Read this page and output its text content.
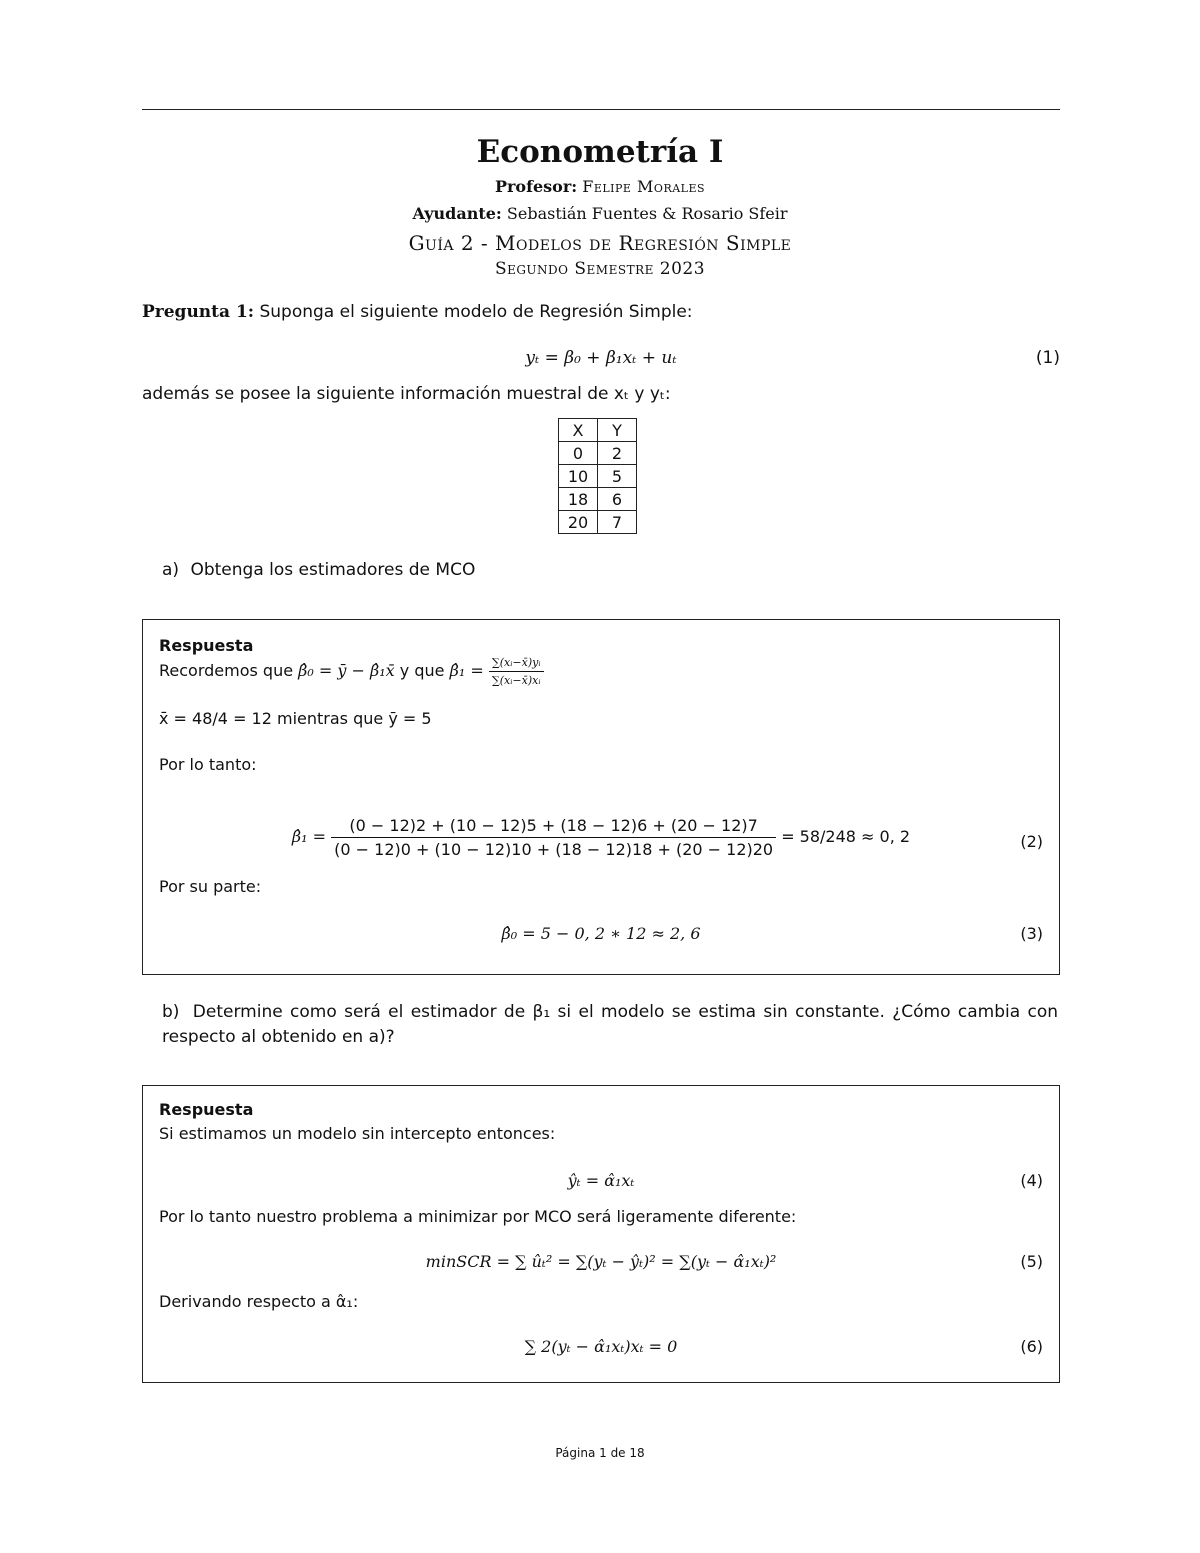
Econometría I
Profesor: Felipe Morales
Ayudante: Sebastián Fuentes & Rosario Sfeir
Guía 2 - Modelos de Regresión Simple
Segundo Semestre 2023
Pregunta 1: Suponga el siguiente modelo de Regresión Simple:
yₜ = β₀ + β₁xₜ + uₜ	(1)
además se posee la siguiente información muestral de xₜ y yₜ:
X	Y
0	2
10	5
18	6
20	7
a) Obtenga los estimadores de MCO
Respuesta
Recordemos que β̂₀ = ȳ − β̂₁x̄ y que β̂₁ = $\frac{\text{∑(xᵢ−x̄)yᵢ}}{\text{∑(xᵢ−x̄)xᵢ}}$
x̄ = 48/4 = 12 mientras que ȳ = 5
Por lo tanto:
β̂₁ = $\frac{(0 - 12)2 + (10 - 12)5 + (18 - 12)6 + (20 - 12)7}{(0 - 12)0 + (10 - 12)10 + (18 - 12)18 + (20 - 12)20} = 58/248 \approx 0$, 2	(2)
Por su parte:
β̂₀ = 5 − 0, 2 ∗ 12 ≈ 2, 6	(3)
b) Determine como será el estimador de β₁ si el modelo se estima sin constante. ¿Cómo cambia con respecto al obtenido en a)?
Respuesta
Si estimamos un modelo sin intercepto entonces:
ŷₜ = α̂₁xₜ	(4)
Por lo tanto nuestro problema a minimizar por MCO será ligeramente diferente:
minSCR = ∑ ûₜ² = ∑(yₜ − ŷₜ)² = ∑(yₜ − α̂₁xₜ)²	(5)
Derivando respecto a α̂₁:
∑ 2(yₜ − α̂₁xₜ)xₜ = 0	(6)
Página 1 de 18
